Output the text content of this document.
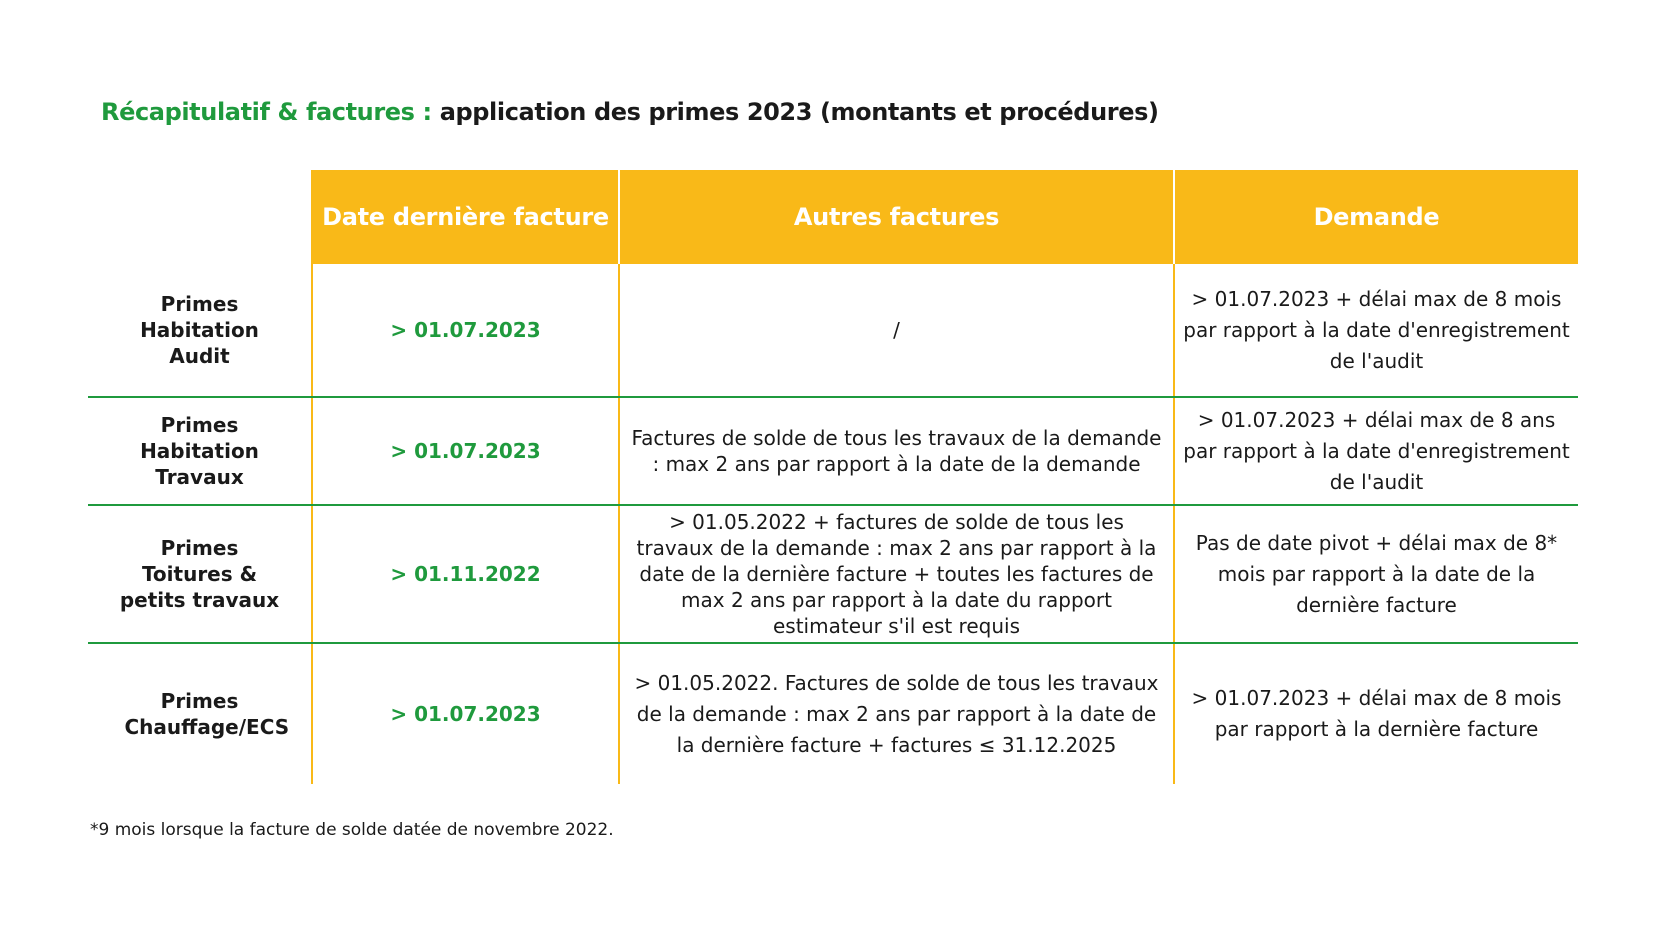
Récapitulatif & factures : application des primes 2023 (montants et procédures)
	Date dernière facture	Autres factures	Demande

Primes Habitation Audit	> 01.07.2023	/	> 01.07.2023 + délai max de 8 mois par rapport à la date d'enregistrement de l'audit

Primes Habitation Travaux	> 01.07.2023	Factures de solde de tous les travaux de la demande : max 2 ans par rapport à la date de la demande	> 01.07.2023 + délai max de 8 ans par rapport à la date d'enregistrement de l'audit

Primes Toitures & petits travaux	> 01.11.2022	> 01.05.2022 + factures de solde de tous les travaux de la demande : max 2 ans par rapport à la date de la dernière facture + toutes les factures de max 2 ans par rapport à la date du rapport estimateur s'il est requis	Pas de date pivot + délai max de 8* mois par rapport à la date de la dernière facture

Primes Chauffage/ECS	> 01.07.2023	> 01.05.2022. Factures de solde de tous les travaux de la demande : max 2 ans par rapport à la date de la dernière facture + factures ≤ 31.12.2025	> 01.07.2023 + délai max de 8 mois par rapport à la dernière facture
*9 mois lorsque la facture de solde datée de novembre 2022.
